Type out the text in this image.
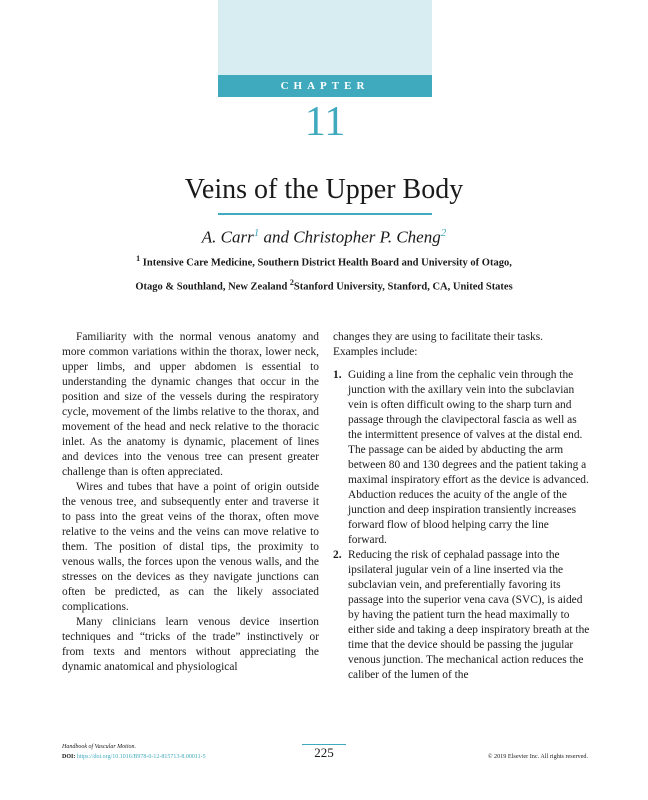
CHAPTER
11
Veins of the Upper Body
A. Carr$^1$ and Christopher P. Cheng$^2$
$^1$ Intensive Care Medicine, Southern District Health Board and University of Otago,
Otago & Southland, New Zealand $^2$Stanford University, Stanford, CA, United States

Familiarity with the normal venous anatomy and more common variations within the thorax, lower neck, upper limbs, and upper abdomen is essential to understanding the dynamic changes that occur in the position and size of the vessels during the respiratory cycle, movement of the limbs relative to the thorax, and movement of the head and neck relative to the thoracic inlet. As the anatomy is dynamic, placement of lines and devices into the venous tree can present greater challenge than is often appreciated.

Wires and tubes that have a point of origin outside the venous tree, and subsequently enter and traverse it to pass into the great veins of the thorax, often move relative to the veins and the veins can move relative to them. The position of distal tips, the proximity to venous walls, the forces upon the venous walls, and the stresses on the devices as they navigate junctions can often be predicted, as can the likely associated complications.

Many clinicians learn venous device insertion techniques and “tricks of the trade” instinctively or from texts and mentors without appreciating the dynamic anatomical and physiological

changes they are using to facilitate their tasks. Examples include:

1. Guiding a line from the cephalic vein through the junction with the axillary vein into the subclavian vein is often difficult owing to the sharp turn and passage through the clavipectoral fascia as well as the intermittent presence of valves at the distal end. The passage can be aided by abducting the arm between 80 and 130 degrees and the patient taking a maximal inspiratory effort as the device is advanced. Abduction reduces the acuity of the angle of the junction and deep inspiration transiently increases forward flow of blood helping carry the line forward.
2. Reducing the risk of cephalad passage into the ipsilateral jugular vein of a line inserted via the subclavian vein, and preferentially favoring its passage into the superior vena cava (SVC), is aided by having the patient turn the head maximally to either side and taking a deep inspiratory breath at the time that the device should be passing the jugular venous junction. The mechanical action reduces the caliber of the lumen of the
Handbook of Vascular Motion.
DOI: https://doi.org/10.1016/B978-0-12-815713-8.00011-5	225	© 2019 Elsevier Inc. All rights reserved.
